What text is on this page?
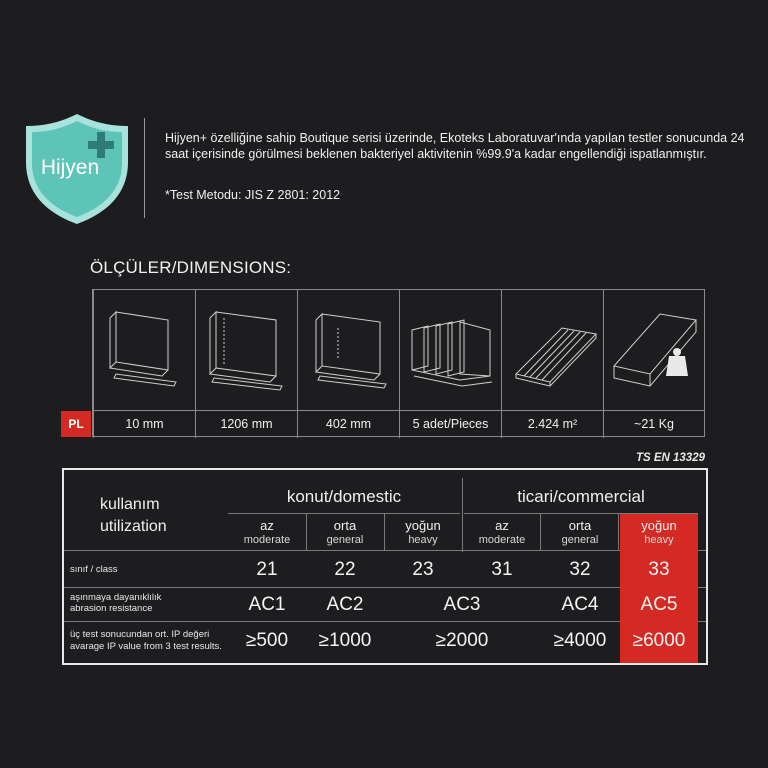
Hijyen
Hijyen+ özelliğine sahip Boutique serisi üzerinde, Ekoteks Laboratuvar'ında yapılan testler sonucunda 24 saat içerisinde görülmesi beklenen bakteriyel aktivitenin %99.9'a kadar engellendiği ispatlanmıştır.
*Test Metodu: JIS Z 2801: 2012
ÖLÇÜLER/DIMENSIONS:
10 mm	1206 mm	402 mm	5 adet/Pieces	2.424 m²	~21 Kg
PL
TS EN 13329
kullanım
utilization
konut/domestic	ticari/commercial
az
moderate
orta
general
yoğun
heavy
az
moderate
orta
general
yoğun
heavy
sınıf / class	21	22	23	31	32	33
aşınmaya dayanıklılık
abrasion resistance	AC1	AC2	AC3	AC4	AC5
üç test sonucundan ort. IP değeri
avarage IP value from 3 test results.	≥500	≥1000	≥2000	≥4000	≥6000
